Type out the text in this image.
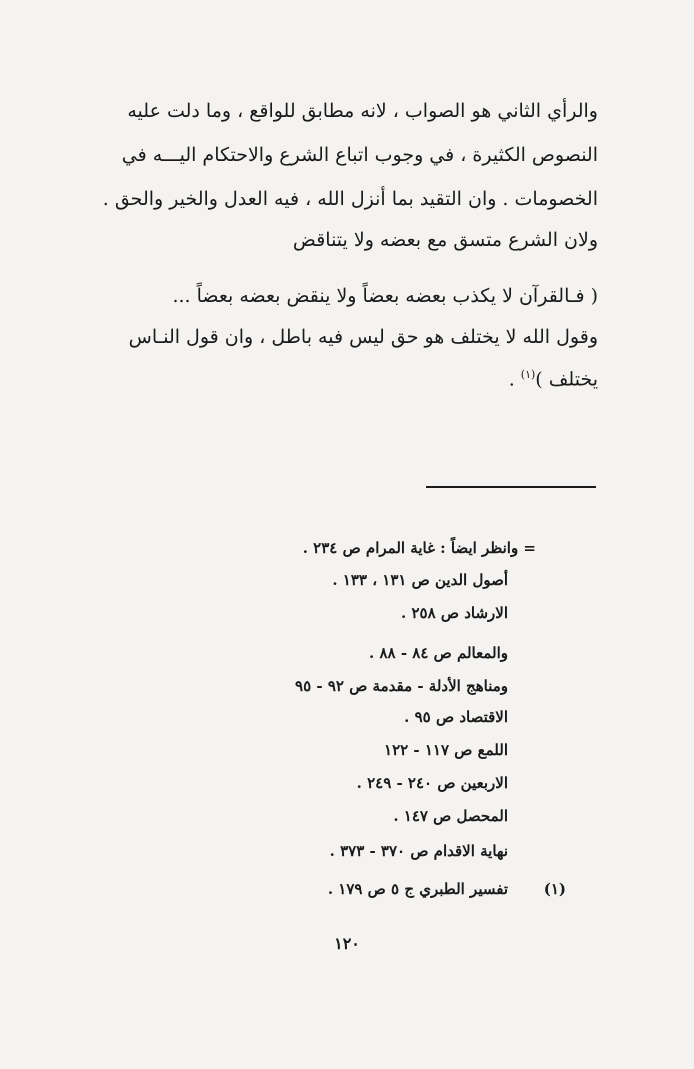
والرأي الثاني هو الصواب ، لانه مطابق للواقع ، وما دلت عليه
النصوص الكثيرة ، في وجوب اتباع الشرع والاحتكام اليـــه في
الخصومات . وان التقيد بما أنزل الله ، فيه العدل والخير والحق .
ولان الشرع متسق مع بعضه ولا يتناقض
( فـالقرآن لا يكذب بعضه بعضاً ولا ينقض بعضه بعضاً ...
وقول الله لا يختلف هو حق ليس فيه باطل ، وان قول النـاس
يختلف )$^{(١)}$ .
= وانظر ايضاً : غاية المرام ص ٢٣٤ .
أصول الدين ص ١٣١ ، ١٣٣ .
الارشاد ص ٢٥٨ .
والمعالم ص ٨٤ - ٨٨ .
ومناهج الأدلة - مقدمة ص ٩٢ - ٩٥
الاقتصاد ص ٩٥ .
اللمع ص ١١٧ - ١٢٢
الاربعين ص ٢٤٠ - ٢٤٩ .
المحصل ص ١٤٧ .
نهاية الاقدام ص ٣٧٠ - ٣٧٣ .
(١)
تفسير الطبري ج ٥ ص ١٧٩ .
١٢٠
